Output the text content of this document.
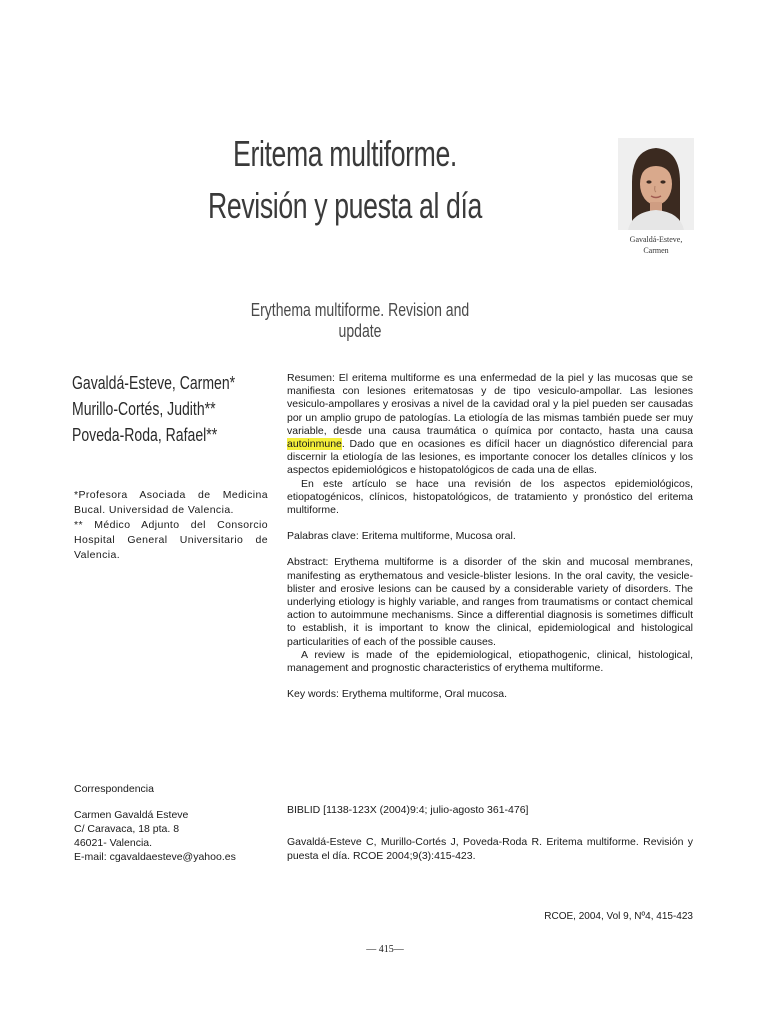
Eritema multiforme.
Revisión y puesta al día
Gavaldá-Esteve,
Carmen
Erythema multiforme. Revision and update
Gavaldá-Esteve, Carmen*
Murillo-Cortés, Judith**
Poveda-Roda, Rafael**

*Profesora Asociada de Medicina Bucal. Universidad de Valencia.

** Médico Adjunto del Consorcio Hospital General Universitario de Valencia.

Resumen: El eritema multiforme es una enfermedad de la piel y las mucosas que se manifiesta con lesiones eritematosas y de tipo vesiculo-ampollar. Las lesiones vesiculo-ampollares y erosivas a nivel de la cavidad oral y la piel pueden ser causadas por un amplio grupo de patologías. La etiología de las mismas también puede ser muy variable, desde una causa traumática o química por contacto, hasta una causa autoinmune. Dado que en ocasiones es difícil hacer un diagnóstico diferencial para discernir la etiología de las lesiones, es importante conocer los detalles clínicos y los aspectos epidemiológicos e histopatológicos de cada una de ellas.

En este artículo se hace una revisión de los aspectos epidemiológicos, etiopatogénicos, clínicos, histopatológicos, de tratamiento y pronóstico del eritema multiforme.

Palabras clave: Eritema multiforme, Mucosa oral.

Abstract: Erythema multiforme is a disorder of the skin and mucosal membranes, manifesting as erythematous and vesicle-blister lesions. In the oral cavity, the vesicle-blister and erosive lesions can be caused by a considerable variety of disorders. The underlying etiology is highly variable, and ranges from traumatisms or contact chemical action to autoimmune mechanisms. Since a differential diagnosis is sometimes difficult to establish, it is important to know the clinical, epidemiological and histological particularities of each of the possible causes.

A review is made of the epidemiological, etiopathogenic, clinical, histological, management and prognostic characteristics of erythema multiforme.

Key words: Erythema multiforme, Oral mucosa.

Correspondencia
Carmen Gavaldá Esteve
C/ Caravaca, 18 pta. 8
46021- Valencia.
E-mail: cgavaldaesteve@yahoo.es
BIBLID [1138-123X (2004)9:4; julio-agosto 361-476]
Gavaldá-Esteve C, Murillo-Cortés J, Poveda-Roda R. Eritema multiforme. Revisión y puesta el día. RCOE 2004;9(3):415-423.
RCOE, 2004, Vol 9, Nº4, 415-423
— 415—
